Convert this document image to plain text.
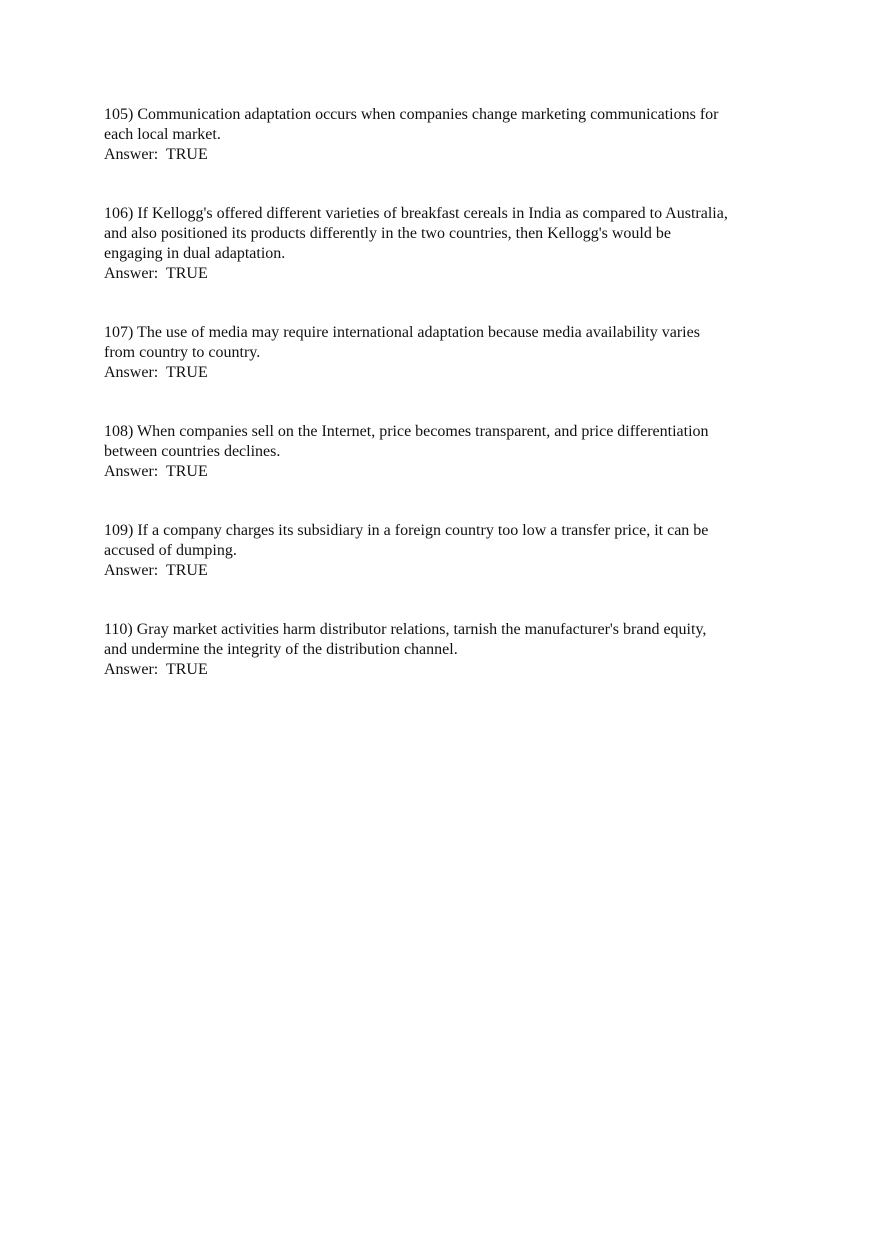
105) Communication adaptation occurs when companies change marketing communications for
each local market.
Answer: TRUE
106) If Kellogg's offered different varieties of breakfast cereals in India as compared to Australia,
and also positioned its products differently in the two countries, then Kellogg's would be
engaging in dual adaptation.
Answer: TRUE
107) The use of media may require international adaptation because media availability varies
from country to country.
Answer: TRUE
108) When companies sell on the Internet, price becomes transparent, and price differentiation
between countries declines.
Answer: TRUE
109) If a company charges its subsidiary in a foreign country too low a transfer price, it can be
accused of dumping.
Answer: TRUE
110) Gray market activities harm distributor relations, tarnish the manufacturer's brand equity,
and undermine the integrity of the distribution channel.
Answer: TRUE
